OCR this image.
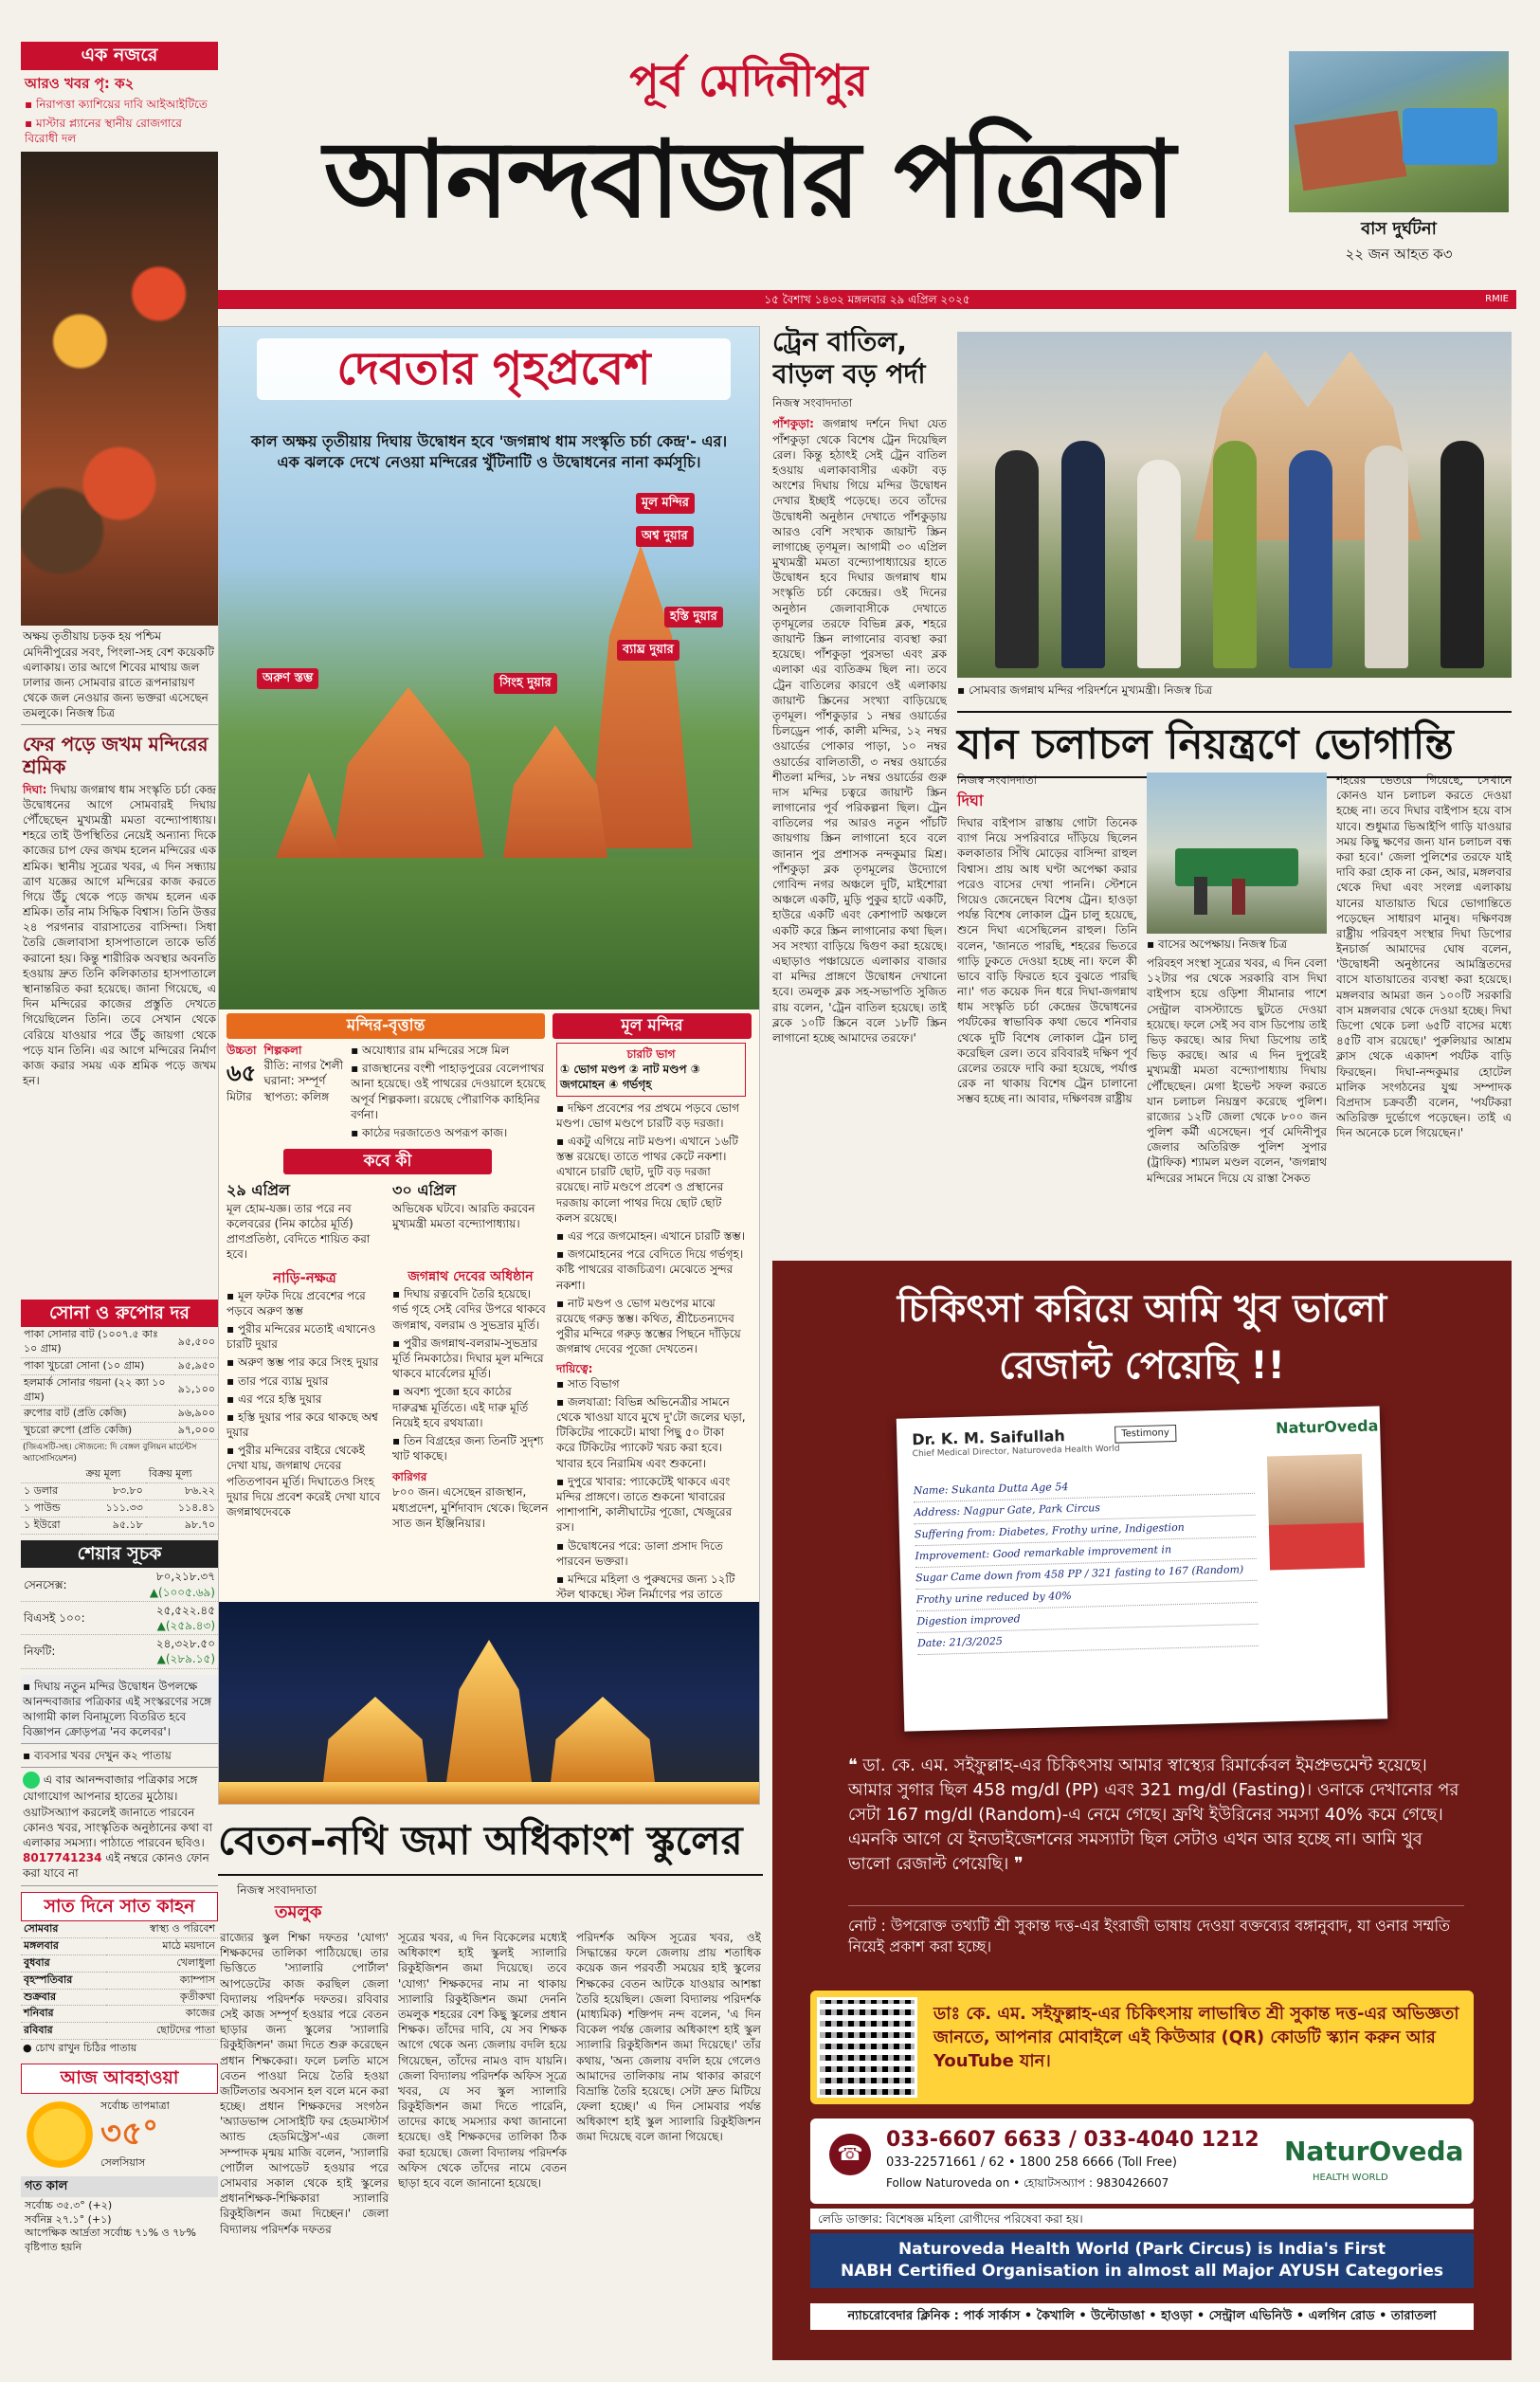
এক নজরে
আরও খবর পৃ: ক২
▪ নিরাপত্তা ক্যাশিয়ের দাবি আইআইটিতে
▪ মাস্টার প্ল্যানের স্থানীয় রোজগারে বিরোধী দল
অক্ষয় তৃতীয়ায় চড়ক হয় পশ্চিম মেদিনীপুরের সবং, পিংলা-সহ বেশ কয়েকটি এলাকায়। তার আগে শিবের মাথায় জল ঢালার জন্য সোমবার রাতে রূপনারায়ণ থেকে জল নেওয়ার জন্য ভক্তরা এসেছেন তমলুকে। নিজস্ব চিত্র
ফের পড়ে জখম মন্দিরের শ্রমিক
দিঘা: দিঘায় জগন্নাথ ধাম সংস্কৃতি চর্চা কেন্দ্র উদ্বোধনের আগে সোমবারই দিঘায় পৌঁছেছেন মুখ্যমন্ত্রী মমতা বন্দ্যোপাধ্যায়। শহরে তাই উপস্থিতির নেয়েই অন্যান্য দিকে কাজের চাপ ফের জখম হলেন মন্দিরের এক শ্রমিক। স্থানীয় সূত্রের খবর, এ দিন সন্ধ্যায় ত্রাণ যজ্ঞের আগে মন্দিরের কাজ করতে গিয়ে উঁচু থেকে পড়ে জখম হলেন এক শ্রমিক। তাঁর নাম সিদ্ধিক বিশ্বাস। তিনি উত্তর ২৪ পরগনার বারাসাতের বাসিন্দা। সিধা তৈরি জেলাবাসা হাসপাতালে তাকে ভর্তি করানো হয়। কিন্তু শারীরিক অবস্থার অবনতি হওয়ায় দ্রুত তিনি কলিকাতার হাসপাতালে স্থানান্তরিত করা হয়েছে। জানা গিয়েছে, এ দিন মন্দিরের কাজের প্রস্তুতি দেখতে গিয়েছিলেন তিনি। তবে সেখান থেকে বেরিয়ে যাওয়ার পরে উঁচু জায়গা থেকে পড়ে যান তিনি। এর আগে মন্দিরের নির্মাণ কাজ করার সময় এক শ্রমিক পড়ে জখম হন।
সোনা ও রুপোর দর
পাকা সোনার বাট (১০০৭.৫ কাঃ ১০ গ্রাম)	৯৫,৫০০
পাকা খুচরো সোনা (১০ গ্রাম)	৯৫,৯৫০
হলমার্ক সোনার গয়না (২২ ক্যা ১০ গ্রাম)	৯১,১০০
রুপোর বাট (প্রতি কেজি)	৯৬,৯০০
খুচরো রুপো (প্রতি কেজি)	৯৭,০০০
(জিএসটি-সহ। সৌজন্যে: দি বেঙ্গল বুলিয়ন মার্চেন্টস অ্যাসোসিয়েশন)
	ক্রয় মূল্য	বিক্রয় মূল্য
১ ডলার	৮৩.৮০	৮৬.২২
১ পাউন্ড	১১১.৩৩	১১৪.৪১
১ ইউরো	৯৫.১৮	৯৮.৭০
শেয়ার সূচক
সেনসেক্স:	৮০,২১৮.৩৭
▲(১০০৫.৬৯)
বিএসই ১০০:	২৫,৫২২.৪৫
▲(২৫৯.৪৩)
নিফটি:	২৪,৩২৮.৫০
▲(২৮৯.১৫)
▪ দিঘায় নতুন মন্দির উদ্বোধন উপলক্ষে আনন্দবাজার পত্রিকার এই সংস্করণের সঙ্গে আগামী কাল বিনামূল্যে বিতরিত হবে বিজ্ঞাপন ক্রোড়পত্র 'নব কলেবর'।
▪ ব্যবসার খবর দেখুন ক২ পাতায়
এ বার আনন্দবাজার পত্রিকার সঙ্গে যোগাযোগ আপনার হাতের মুঠোয়। ওয়াটসঅ্যাপ করলেই জানাতে পারবেন কোনও খবর, সাংস্কৃতিক অনুষ্ঠানের কথা বা এলাকার সমস্যা। পাঠাতে পারবেন ছবিও। 8017741234 এই নম্বরে কোনও ফোন করা যাবে না
সাত দিনে সাত কাহন
সোমবার	স্বাস্থ্য ও পরিবেশ
মঙ্গলবার	মাঠে ময়দানে
বুধবার	খেলাধুলা
বৃহস্পতিবার	ক্যাম্পাস
শুক্রবার	কৃতীকথা
শনিবার	কাজের
রবিবার	ছোটদের পাতা
● চোখ রাখুন চিঠির পাতায়
আজ আবহাওয়া
সর্বোচ্চ তাপমাত্রা
৩৫°
সেলসিয়াস
গত কাল
সর্বোচ্চ ৩৫.৩° (+২)
সর্বনিম্ন ২৭.১° (+১)
আপেক্ষিক আর্দ্রতা সর্বোচ্চ ৭১% ও ৭৮%
বৃষ্টিপাত হয়নি
পূর্ব মেদিনীপুর
আনন্দবাজার পত্রিকা	বাস দুর্ঘটনা
২২ জন আহত ক৩
১৫ বৈশাখ ১৪৩২ মঙ্গলবার ২৯ এপ্রিল ২০২৫	RMIE
দেবতার গৃহপ্রবেশ
কাল অক্ষয় তৃতীয়ায় দিঘায় উদ্বোধন হবে 'জগন্নাথ ধাম সংস্কৃতি চর্চা কেন্দ্র'- এর। এক ঝলকে দেখে নেওয়া মন্দিরের খুঁটিনাটি ও উদ্বোধনের নানা কর্মসূচি।
মূল মন্দির
অশ্ব দুয়ার
হস্তি দুয়ার
ব্যাঘ্র দুয়ার
সিংহ দুয়ার
অরুণ স্তম্ভ
মন্দির-বৃত্তান্ত	মূল মন্দির
উচ্চতা
৬৫
মিটার
শিল্পকলা
রীতি: নাগর শৈলী
ঘরানা: সম্পূর্ণ
স্থাপত্য: কলিঙ্গ

▪ অযোধ্যার রাম মন্দিরের সঙ্গে মিল

▪ রাজস্থানের বংশী পাহাড়পুরের বেলেপাথর আনা হয়েছে। ওই পাথরের দেওয়ালে হয়েছে অপূর্ব শিল্পকলা। রয়েছে পৌরাণিক কাহিনির বর্ণনা।

▪ কাঠের দরজাতেও অপরূপ কাজ।

কবে কী
২৯ এপ্রিল

মূল হোম-যজ্ঞ। তার পরে নব কলেবরের (নিম কাঠের মূর্তি) প্রাণপ্রতিষ্ঠা, বেদিতে শায়িত করা হবে।

৩০ এপ্রিল

অভিষেক ঘটবে। আরতি করবেন মুখ্যমন্ত্রী মমতা বন্দ্যোপাধ্যায়।

নাড়ি-নক্ষত্র

▪ মূল ফটক দিয়ে প্রবেশের পরে পড়বে অরুণ স্তম্ভ

▪ পুরীর মন্দিরের মতোই এখানেও চারটি দুয়ার

▪ অরুণ স্তম্ভ পার করে সিংহ দুয়ার

▪ তার পরে ব্যাঘ্র দুয়ার

▪ এর পরে হস্তি দুয়ার

▪ হস্তি দুয়ার পার করে থাকছে অশ্ব দুয়ার

▪ পুরীর মন্দিরের বাইরে থেকেই দেখা যায়, জগন্নাথ দেবের পতিতপাবন মূর্তি। দিঘাতেও সিংহ দুয়ার দিয়ে প্রবেশ করেই দেখা যাবে জগন্নাথদেবকে

জগন্নাথ দেবের অধিষ্ঠান

▪ দিঘায় রত্নবেদি তৈরি হয়েছে। গর্ভ গৃহে সেই বেদির উপরে থাকবে জগন্নাথ, বলরাম ও সুভদ্রার মূর্তি।

▪ পুরীর জগন্নাথ-বলরাম-সুভদ্রার মূর্তি নিমকাঠের। দিঘার মূল মন্দিরে থাকবে মার্বেলের মূর্তি।

▪ অবশ্য পুজো হবে কাঠের দারুব্রহ্ম মূর্তিতে। এই দারু মূর্তি নিয়েই হবে রথযাত্রা।

▪ তিন বিগ্রহের জন্য তিনটি সুদৃশ্য খাট থাকছে।

কারিগর

৮০০ জন। এসেছেন রাজস্থান, মধ্যপ্রদেশ, মুর্শিদাবাদ থেকে। ছিলেন সাত জন ইঞ্জিনিয়ার।

চারটি ভাগ
① ভোগ মণ্ডপ ② নাট মণ্ডপ ③ জগমোহন ④ গর্ভগৃহ

▪ দক্ষিণ প্রবেশের পর প্রথমে পড়বে ভোগ মণ্ডপ। ভোগ মণ্ডপে চারটি বড় দরজা।

▪ একটু এগিয়ে নাট মণ্ডপ। এখানে ১৬টি স্তম্ভ রয়েছে। তাতে পাথর কেটে নকশা। এখানে চারটি ছোট, দুটি বড় দরজা রয়েছে। নাট মণ্ডপে প্রবেশ ও প্রস্থানের দরজায় কালো পাথর দিয়ে ছোট ছোট কলস রয়েছে।

▪ এর পরে জগমোহন। এখানে চারটি স্তম্ভ।

▪ জগমোহনের পরে বেদিতে দিয়ে গর্ভগৃহ। কষ্টি পাথরের বাজচিত্রণ। মেঝেতে সুন্দর নকশা।

▪ নাট মণ্ডপ ও ভোগ মণ্ডপের মাঝে রয়েছে গরুড় স্তম্ভ। কথিত, শ্রীচৈতন্যদেব পুরীর মন্দিরে গরুড় স্তম্ভের পিছনে দাঁড়িয়ে জগন্নাথ দেবের পূজো দেখতেন।

দায়িত্বে:

▪ সাত বিভাগ

▪ জলযাত্রা: বিভিন্ন অভিনেত্রীর সামনে থেকে খাওয়া যাবে মুখে দু'টো জলের ঘড়া, টিকিটের পাকেটে। মাথা পিছু ৫০ টাকা করে টিকিটের প্যাকেট খরচ করা হবে। খাবার হবে নিরামিষ এবং শুকনো।

▪ দুপুরে খাবার: প্যাকেটেই থাকবে এবং মন্দির প্রাঙ্গণে। তাতে শুকনো খাবারের পাশাপাশি, কালীঘাটের পূজো, খেজুরের রস।

▪ উদ্বোধনের পরে: ডালা প্রসাদ দিতে পারবেন ভক্তরা।

▪ মন্দিরে মহিলা ও পুরুষদের জন্য ১২টি স্টল থাকছে। স্টল নির্মাণের পর তাতে

ট্রেন বাতিল, বাড়ল বড় পর্দা
নিজস্ব সংবাদদাতা
পাঁশকুড়া: জগন্নাথ দর্শনে দিঘা যেত পাঁশকুড়া থেকে বিশেষ ট্রেন দিয়েছিল রেল। কিন্তু হঠাৎই সেই ট্রেন বাতিল হওয়ায় এলাকাবাসীর একটা বড় অংশের দিঘায় গিয়ে মন্দির উদ্বোধন দেখার ইচ্ছাই পড়েছে। তবে তাঁদের উদ্বোধনী অনুষ্ঠান দেখাতে পাঁশকুড়ায় আরও বেশি সংখ্যক জায়ান্ট স্ক্রিন লাগাচ্ছে তৃণমূল। আগামী ৩০ এপ্রিল মুখ্যমন্ত্রী মমতা বন্দ্যোপাধ্যায়ের হাতে উদ্বোধন হবে দিঘার জগন্নাথ ধাম সংস্কৃতি চর্চা কেন্দ্রের। ওই দিনের অনুষ্ঠান জেলাবাসীকে দেখাতে তৃণমূলের তরফে বিভিন্ন ব্লক, শহরে জায়ান্ট স্ক্রিন লাগানোর ব্যবস্থা করা হয়েছে। পাঁশকুড়া পুরসভা এবং ব্লক এলাকা এর ব্যতিক্রম ছিল না। তবে ট্রেন বাতিলের কারণে ওই এলাকায় জায়ান্ট স্ক্রিনের সংখ্যা বাড়িয়েছে তৃণমূল। পাঁশকুড়ার ১ নম্বর ওয়ার্ডের চিলড্রেন পার্ক, কালী মন্দির, ১২ নম্বর ওয়ার্ডের পোকার পাড়া, ১০ নম্বর ওয়ার্ডের বালিতাতী, ৩ নম্বর ওয়ার্ডের শীতলা মন্দির, ১৮ নম্বর ওয়ার্ডের গুরু দাস মন্দির চত্বরে জায়ান্ট স্ক্রিন লাগানোর পূর্ব পরিকল্পনা ছিল। ট্রেন বাতিলের পর আরও নতুন পাঁচটি জায়গায় স্ক্রিন লাগানো হবে বলে জানান পুর প্রশাসক নন্দকুমার মিশ্র। পাঁশকুড়া ব্লক তৃণমূলের উদ্যোগে গোবিন্দ নগর অঞ্চলে দুটি, মাইশোরা অঞ্চলে একটি, মুড়ি পুকুর হাটে একটি, হাউরে একটি এবং কেশাপাট অঞ্চলে একটি করে স্ক্রিন লাগানোর কথা ছিল। সব সংখ্যা বাড়িয়ে দ্বিগুণ করা হয়েছে। এছাড়াও পঞ্চায়েতে এলাকার বাজার বা মন্দির প্রাঙ্গণে উদ্বোধন দেখানো হবে। তমলুক ব্লক সহ-সভাপতি সুজিত রায় বলেন, 'ট্রেন বাতিল হয়েছে। তাই ব্লকে ১০টি স্ক্রিনে বলে ১৮টি স্ক্রিন লাগানো হচ্ছে আমাদের তরফে।'
▪ সোমবার জগন্নাথ মন্দির পরিদর্শনে মুখ্যমন্ত্রী। নিজস্ব চিত্র
যান চলাচল নিয়ন্ত্রণে ভোগান্তি
নিজস্ব সংবাদদাতা
দিঘা
দিঘার বাইপাস রাস্তায় গোটা তিনেক ব্যাগ নিয়ে সপরিবারে দাঁড়িয়ে ছিলেন কলকাতার সিঁথি মোড়ের বাসিন্দা রাহুল বিশ্বাস। প্রায় আধ ঘণ্টা অপেক্ষা করার পরেও বাসের দেখা পাননি। স্টেশনে গিয়েও জেনেছেন বিশেষ ট্রেন। হাওড়া পর্যন্ত বিশেষ লোকাল ট্রেন চালু হয়েছে, শুনে দিঘা এসেছিলেন রাহুল। তিনি বলেন, 'জানতে পারছি, শহরের ভিতরে গাড়ি ঢুকতে দেওয়া হচ্ছে না। ফলে কী ভাবে বাড়ি ফিরতে হবে বুঝতে পারছি না।' গত কয়েক দিন ধরে দিঘা-জগন্নাথ ধাম সংস্কৃতি চর্চা কেন্দ্রের উদ্বোধনের পর্যটকের স্বাভাবিক কথা ভেবে শনিবার থেকে দুটি বিশেষ লোকাল ট্রেন চালু করেছিল রেল। তবে রবিবারই দক্ষিণ পূর্ব রেলের তরফে দাবি করা হয়েছে, পর্যাপ্ত রেক না থাকায় বিশেষ ট্রেন চালানো সম্ভব হচ্ছে না। আবার, দক্ষিণবঙ্গ রাষ্ট্রীয়
▪ বাসের অপেক্ষায়। নিজস্ব চিত্র
পরিবহণ সংস্থা সূত্রের খবর, এ দিন বেলা ১২টার পর থেকে সরকারি বাস দিঘা বাইপাস হয়ে ওড়িশা সীমানার পাশে সেন্ট্রাল বাসস্ট্যান্ডে ছুটতে দেওয়া হয়েছে। ফলে সেই সব বাস ডিপোয় তাই ভিড় করছে। আর দিঘা ডিপোয় তাই ভিড় করছে। আর এ দিন দুপুরেই মুখ্যমন্ত্রী মমতা বন্দ্যোপাধ্যায় দিঘায় পৌঁছেছেন। মেগা ইভেন্ট সফল করতে যান চলাচল নিয়ন্ত্রণ করেছে পুলিশ। রাজ্যের ১২টি জেলা থেকে ৮০০ জন পুলিশ কর্মী এসেছেন। পূর্ব মেদিনীপুর জেলার অতিরিক্ত পুলিশ সুপার (ট্রাফিক) শ্যামল মণ্ডল বলেন, 'জগন্নাথ মন্দিরের সামনে দিয়ে যে রাস্তা সৈকত
শহরের ভেতরে গিয়েছে, সেখানে কোনও যান চলাচল করতে দেওয়া হচ্ছে না। তবে দিঘার বাইপাস হয়ে বাস যাবে। শুধুমাত্র ভিআইপি গাড়ি যাওয়ার সময় কিছু ক্ষণের জন্য যান চলাচল বন্ধ করা হবে।' জেলা পুলিশের তরফে যাই দাবি করা হোক না কেন, আর, মঙ্গলবার থেকে দিঘা এবং সংলগ্ন এলাকায় যানের যাতায়াত ঘিরে ভোগান্তিতে পড়েছেন সাধারণ মানুষ। দক্ষিণবঙ্গ রাষ্ট্রীয় পরিবহণ সংস্থার দিঘা ডিপোর ইনচার্জ আমাদের ঘোষ বলেন, 'উদ্বোধনী অনুষ্ঠানের আমন্ত্রিতদের বাসে যাতায়াতের ব্যবস্থা করা হয়েছে। মঙ্গলবার আমরা জন ১০০টি সরকারি বাস মঙ্গলবার থেকে দেওয়া হচ্ছে। দিঘা ডিপো থেকে চলা ৬৫টি বাসের মধ্যে ৪৫টি বাস রয়েছে।' পুরুলিয়ার আশ্রম ক্লাস থেকে একাদশ পর্যটক বাড়ি ফিরছেন। দিঘা-নন্দকুমার হোটেল মালিক সংগঠনের যুগ্ম সম্পাদক বিপ্রদাস চক্রবর্তী বলেন, 'পর্যটকরা অতিরিক্ত দুর্ভোগে পড়েছেন। তাই এ দিন অনেকে চলে গিয়েছেন।'
চিকিৎসা করিয়ে আমি খুব ভালো
রেজাল্ট পেয়েছি !!
Dr. K. M. Saifullah
Chief Medical Director, Naturoveda Health World
Testimony	NaturOveda
Name: Sukanta Dutta Age 54
Address: Nagpur Gate, Park Circus
Suffering from: Diabetes, Frothy urine, Indigestion
Improvement: Good remarkable improvement in
Sugar Came down from 458 PP / 321 fasting to 167 (Random)
Frothy urine reduced by 40%
Digestion improved
Date: 21/3/2025
❝ ডা. কে. এম. সইফুল্লাহ-এর চিকিৎসায় আমার স্বাস্থ্যের রিমার্কেবল ইমপ্রুভমেন্ট হয়েছে। আমার সুগার ছিল 458 mg/dl (PP) এবং 321 mg/dl (Fasting)। ওনাকে দেখানোর পর সেটা 167 mg/dl (Random)-এ নেমে গেছে। ফ্রথি ইউরিনের সমস্যা 40% কমে গেছে। এমনকি আগে যে ইনডাইজেশনের সমস্যাটা ছিল সেটাও এখন আর হচ্ছে না। আমি খুব ভালো রেজাল্ট পেয়েছি। ❞
নোট : উপরোক্ত তথ্যটি শ্রী সুকান্ত দত্ত-এর ইংরাজী ভাষায় দেওয়া বক্তব্যের বঙ্গানুবাদ, যা ওনার সম্মতি নিয়েই প্রকাশ করা হচ্ছে।
ডাঃ কে. এম. সইফুল্লাহ-এর চিকিৎসায় লাভান্বিত শ্রী সুকান্ত দত্ত-এর অভিজ্ঞতা জানতে, আপনার মোবাইলে এই কিউআর (QR) কোডটি স্ক্যান করুন আর YouTube যান।
☎
033-6607 6633 / 033-4040 1212
033-22571661 / 62 • 1800 258 6666 (Toll Free)
Follow Naturoveda on • হোয়াটসঅ্যাপ : 9830426607
NaturOveda
HEALTH WORLD
লেডি ডাক্তার: বিশেষজ্ঞ মহিলা রোগীদের পরিষেবা করা হয়।
Naturoveda Health World (Park Circus) is India's First
NABH Certified Organisation in almost all Major AYUSH Categories
ন্যাচরোবেদার ক্লিনিক : পার্ক সার্কাস • কৈখালি • উল্টোডাঙা • হাওড়া • সেন্ট্রাল এভিনিউ • এলগিন রোড • তারাতলা
বেতন-নথি জমা অধিকাংশ স্কুলের
নিজস্ব সংবাদদাতা
তমলুক
রাজ্যের স্কুল শিক্ষা দফতর 'যোগ্য' শিক্ষকদের তালিকা পাঠিয়েছে। তার ভিত্তিতে 'স্যালারি পোর্টাল' আপডেটের কাজ করছিল জেলা বিদ্যালয় পরিদর্শক দফতর। রবিবার সেই কাজ সম্পূর্ণ হওয়ার পরে বেতন ছাড়ার জন্য স্কুলের 'স্যালারি রিকুইজিশন' জমা দিতে শুরু করেছেন প্রধান শিক্ষকেরা। ফলে চলতি মাসে বেতন পাওয়া নিয়ে তৈরি হওয়া জটিলতার অবসান হল বলে মনে করা হচ্ছে। প্রধান শিক্ষকদের সংগঠন 'অ্যাডভান্স সোসাইটি ফর হেডমাস্টার্স অ্যান্ড হেডমিস্ট্রেস'-এর জেলা সম্পাদক মৃন্ময় মাজি বলেন, 'স্যালারি পোর্টাল আপডেট হওয়ার পরে সোমবার সকাল থেকে হাই স্কুলের প্রধানশিক্ষক-শিক্ষিকারা স্যালারি রিকুইজিশন জমা দিচ্ছেন।' জেলা বিদ্যালয় পরিদর্শক দফতর
সূত্রের খবর, এ দিন বিকেলের মধ্যেই অধিকাংশ হাই স্কুলই স্যালারি রিকুইজিশন জমা দিয়েছে। তবে 'যোগ্য' শিক্ষকদের নাম না থাকায় স্যালারি রিকুইজিশন জমা দেননি তমলুক শহরের বেশ কিছু স্কুলের প্রধান শিক্ষক। তাঁদের দাবি, যে সব শিক্ষক আগে থেকে অন্য জেলায় বদলি হয়ে গিয়েছেন, তাঁদের নামও বাদ যায়নি। জেলা বিদ্যালয় পরিদর্শক অফিস সূত্রে খবর, যে সব স্কুল স্যালারি রিকুইজিশন জমা দিতে পারেনি, তাদের কাছে সমস্যার কথা জানানো হয়েছে। ওই শিক্ষকদের তালিকা ঠিক করা হয়েছে। জেলা বিদ্যালয় পরিদর্শক অফিস থেকে তাঁদের নামে বেতন ছাড়া হবে বলে জানানো হয়েছে।
পরিদর্শক অফিস সূত্রের খবর, ওই সিদ্ধান্তের ফলে জেলায় প্রায় শতাধিক কয়েক জন পরবর্তী সময়ের হাই স্কুলের শিক্ষকের বেতন আটকে যাওয়ার আশঙ্কা তৈরি হয়েছিল। জেলা বিদ্যালয় পরিদর্শক (মাধ্যমিক) শক্তিপদ নন্দ বলেন, 'এ দিন বিকেল পর্যন্ত জেলার অধিকাংশ হাই স্কুল স্যালারি রিকুইজিশন জমা দিয়েছে।' তাঁর কথায়, 'অন্য জেলায় বদলি হয়ে গেলেও আমাদের তালিকায় নাম থাকার কারণে বিভ্রান্তি তৈরি হয়েছে। সেটা দ্রুত মিটিয়ে ফেলা হচ্ছে।' এ দিন সোমবার পর্যন্ত অধিকাংশ হাই স্কুল স্যালারি রিকুইজিশন জমা দিয়েছে বলে জানা গিয়েছে।
